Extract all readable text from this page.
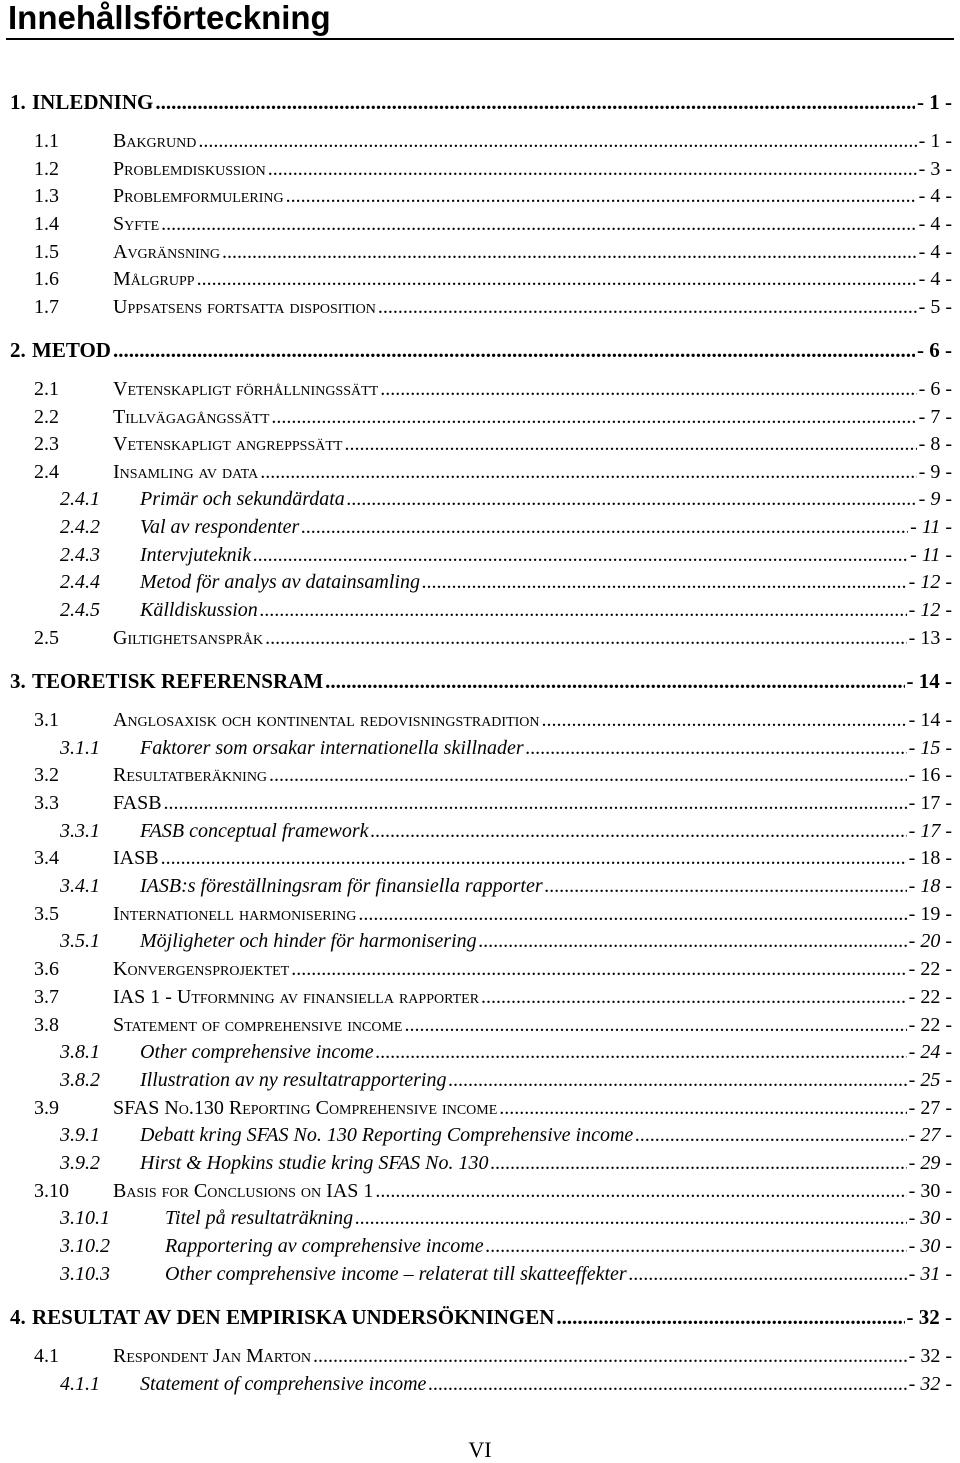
Innehållsförteckning
1. INLEDNING .....	- 1 -
1.1	Bakgrund .....	- 1 -
1.2	Problemdiskussion .....	- 3 -
1.3	Problemformulering .....	- 4 -
1.4	Syfte .....	- 4 -
1.5	Avgränsning .....	- 4 -
1.6	Målgrupp .....	- 4 -
1.7	Uppsatsens fortsatta disposition .....	- 5 -
2. METOD .....	- 6 -
2.1	Vetenskapligt förhållningssätt .....	- 6 -
2.2	Tillvägagångssätt .....	- 7 -
2.3	Vetenskapligt angreppssätt .....	- 8 -
2.4	Insamling av data .....	- 9 -
2.4.1 Primär och sekundärdata .....	- 9 -
2.4.2 Val av respondenter .....	- 11 -
2.4.3 Intervjuteknik .....	- 11 -
2.4.4 Metod för analys av datainsamling .....	- 12 -
2.4.5 Källdiskussion .....	- 12 -
2.5	Giltighetsanspråk .....	- 13 -
3. TEORETISK REFERENSRAM .....	- 14 -
3.1	Anglosaxisk och kontinental redovisningstradition .....	- 14 -
3.1.1 Faktorer som orsakar internationella skillnader .....	- 15 -
3.2	Resultatberäkning .....	- 16 -
3.3	FASB .....	- 17 -
3.3.1 FASB conceptual framework .....	- 17 -
3.4	IASB .....	- 18 -
3.4.1 IASB:s föreställningsram för finansiella rapporter .....	- 18 -
3.5	Internationell harmonisering .....	- 19 -
3.5.1 Möjligheter och hinder för harmonisering .....	- 20 -
3.6	Konvergensprojektet .....	- 22 -
3.7	IAS 1 - Utformning av finansiella rapporter .....	- 22 -
3.8	Statement of comprehensive income .....	- 22 -
3.8.1 Other comprehensive income .....	- 24 -
3.8.2 Illustration av ny resultatrapportering .....	- 25 -
3.9	SFAS No.130 Reporting Comprehensive income .....	- 27 -
3.9.1 Debatt kring SFAS No. 130 Reporting Comprehensive income .....	- 27 -
3.9.2 Hirst & Hopkins studie kring SFAS No. 130 .....	- 29 -
3.10 Basis for Conclusions on IAS 1 .....	- 30 -
3.10.1	Titel på resultaträkning .....	- 30 -
3.10.2	Rapportering av comprehensive income .....	- 30 -
3.10.3	Other comprehensive income – relaterat till skatteeffekter .....	- 31 -
4. RESULTAT AV DEN EMPIRISKA UNDERSÖKNINGEN .....	- 32 -
4.1	Respondent Jan Marton .....	- 32 -
4.1.1 Statement of comprehensive income .....	- 32 -
VI
